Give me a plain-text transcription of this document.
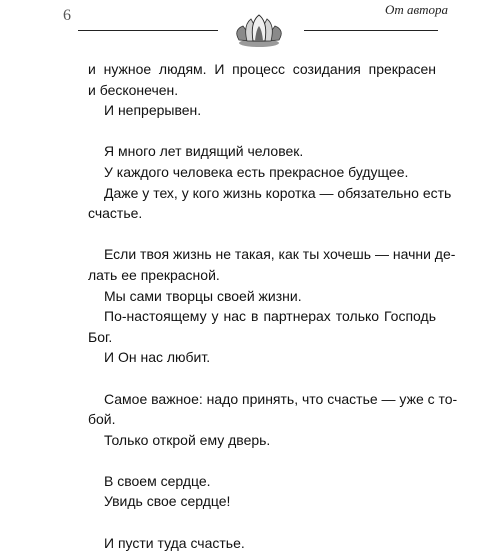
6	От автора
и нужное людям. И процесс созидания прекрасен
и бесконечен.
И непрерывен.
Я много лет видящий человек.
У каждого человека есть прекрасное будущее.
Даже у тех, у кого жизнь коротка — обязательно есть
счастье.
Если твоя жизнь не такая, как ты хочешь — начни де-
лать ее прекрасной.
Мы сами творцы своей жизни.
По-настоящему у нас в партнерах только Господь
Бог.
И Он нас любит.
Самое важное: надо принять, что счастье — уже с то-
бой.
Только открой ему дверь.
В своем сердце.
Увидь свое сердце!
И пусти туда счастье.
